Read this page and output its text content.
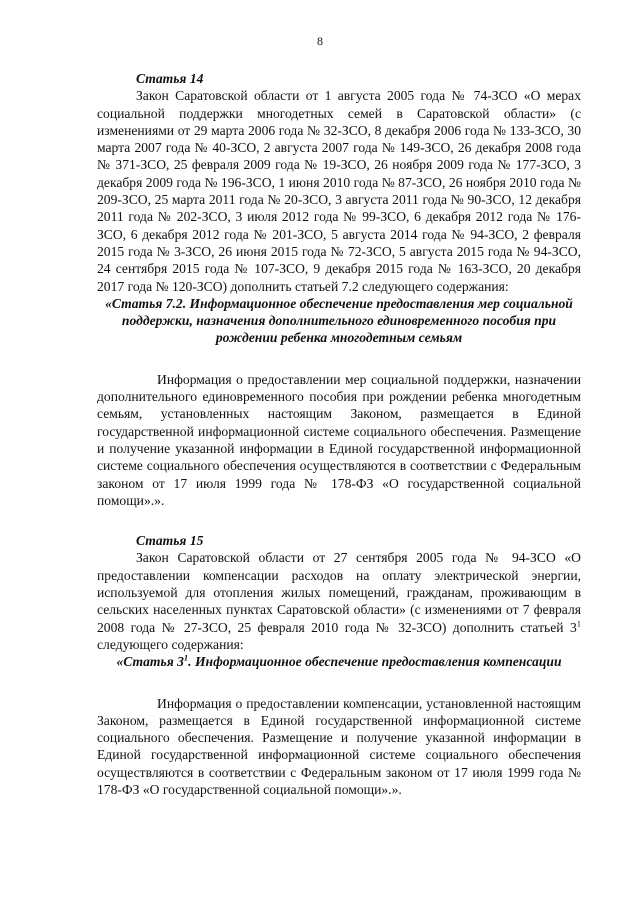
8

Статья 14

Закон Саратовской области от 1 августа 2005 года № 74-ЗСО «О мерах социальной поддержки многодетных семей в Саратовской области» (с изменениями от 29 марта 2006 года № 32-ЗСО, 8 декабря 2006 года № 133-ЗСО, 30 марта 2007 года № 40-ЗСО, 2 августа 2007 года № 149-ЗСО, 26 декабря 2008 года № 371-ЗСО, 25 февраля 2009 года № 19-ЗСО, 26 ноября 2009 года № 177-ЗСО, 3 декабря 2009 года № 196-ЗСО, 1 июня 2010 года № 87-ЗСО, 26 ноября 2010 года № 209-ЗСО, 25 марта 2011 года № 20-ЗСО, 3 августа 2011 года № 90-ЗСО, 12 декабря 2011 года № 202-ЗСО, 3 июля 2012 года № 99-ЗСО, 6 декабря 2012 года № 176-ЗСО, 6 декабря 2012 года № 201-ЗСО, 5 августа 2014 года № 94-ЗСО, 2 февраля 2015 года № 3-ЗСО, 26 июня 2015 года № 72-ЗСО, 5 августа 2015 года № 94-ЗСО, 24 сентября 2015 года № 107-ЗСО, 9 декабря 2015 года № 163-ЗСО, 20 декабря 2017 года № 120-ЗСО) дополнить статьей 7.2 следующего содержания:

«Статья 7.2. Информационное обеспечение предоставления мер социальной поддержки, назначения дополнительного единовременного пособия при рождении ребенка многодетным семьям

Информация о предоставлении мер социальной поддержки, назначении дополнительного единовременного пособия при рождении ребенка многодетным семьям, установленных настоящим Законом, размещается в Единой государственной информационной системе социального обеспечения. Размещение и получение указанной информации в Единой государственной информационной системе социального обеспечения осуществляются в соответствии с Федеральным законом от 17 июля 1999 года № 178-ФЗ «О государственной социальной помощи».».

Статья 15

Закон Саратовской области от 27 сентября 2005 года № 94-ЗСО «О предоставлении компенсации расходов на оплату электрической энергии, используемой для отопления жилых помещений, гражданам, проживающим в сельских населенных пунктах Саратовской области» (с изменениями от 7 февраля 2008 года № 27-ЗСО, 25 февраля 2010 года № 32-ЗСО) дополнить статьей $3^1$ следующего содержания:

«Статья $3^1$. Информационное обеспечение предоставления компенсации

Информация о предоставлении компенсации, установленной настоящим Законом, размещается в Единой государственной информационной системе социального обеспечения. Размещение и получение указанной информации в Единой государственной информационной системе социального обеспечения осуществляются в соответствии с Федеральным законом от 17 июля 1999 года № 178-ФЗ «О государственной социальной помощи».».
